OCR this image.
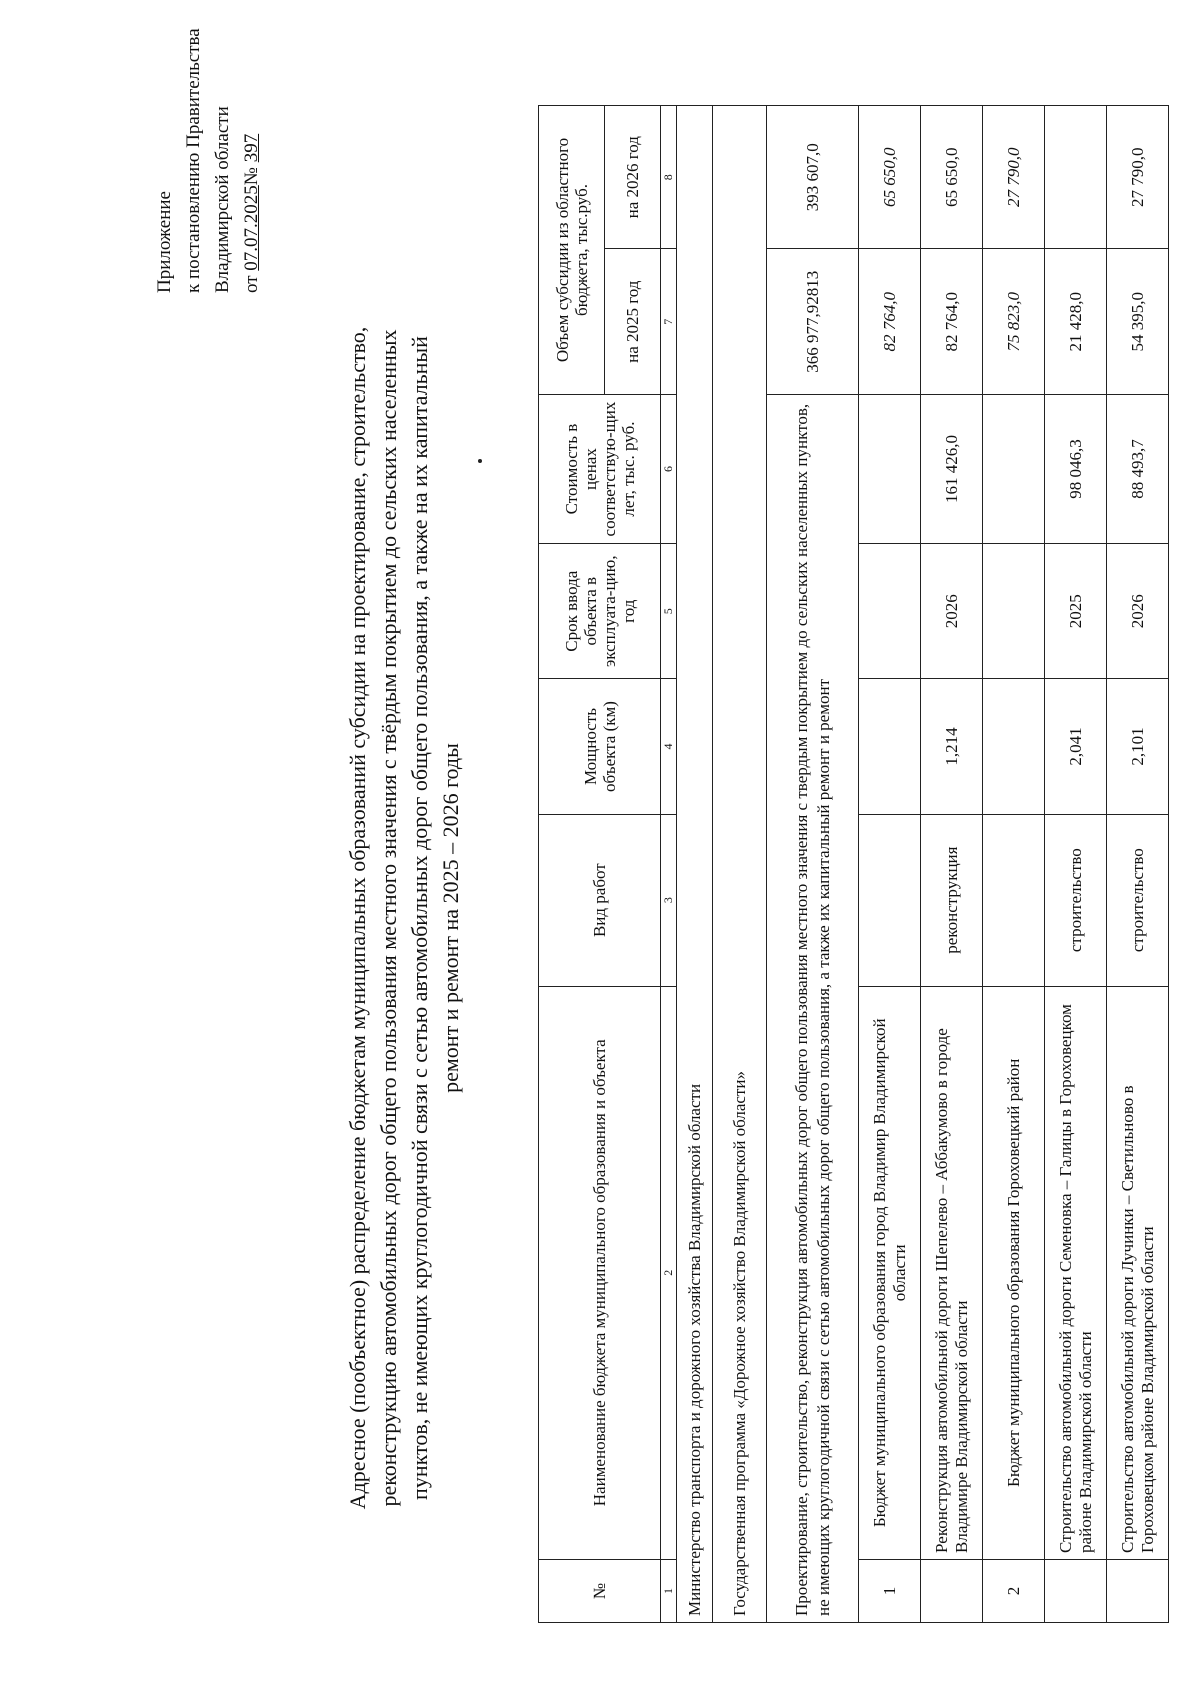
Приложение к постановлению Правительства Владимирской области от 07.07.2025№ 397
Адресное (пообъектное) распределение бюджетам муниципальных образований субсидии на проектирование, строительство, реконструкцию автомобильных дорог общего пользования местного значения с твёрдым покрытием до сельских населенных пунктов, не имеющих круглогодичной связи с сетью автомобильных дорог общего пользования, а также на их капитальный ремонт и ремонт на 2025 – 2026 годы
№	Наименование бюджета муниципального образования и объекта	Вид работ	Мощность объекта (км)	Срок ввода объекта в эксплуата-цию, год	Стоимость в ценах соответствую-щих лет, тыс. руб.	Объем субсидии из областного бюджета, тыс.руб.	
						на 2025 год	на 2026 год
1	2	3	4	5	6	7	8
Министерство транспорта и дорожного хозяйства Владимирской области							
Государственная программа «Дорожное хозяйство Владимирской области»							
Проектирование, строительство, реконструкция автомобильных дорог общего пользования местного значения с твердым покрытием до сельских населенных пунктов, не имеющих круглогодичной связи с сетью автомобильных дорог общего пользования, а также их капитальный ремонт и ремонт						366 977,92813	393 607,0
1	Бюджет муниципального образования город Владимир Владимирской области					82 764,0	65 650,0
	Реконструкция автомобильной дороги Шепелево – Аббакумово в городе Владимире Владимирской области	реконструкция	1,214	2026	161 426,0	82 764,0	65 650,0
2	Бюджет муниципального образования Гороховецкий район					75 823,0	27 790,0
	Строительство автомобильной дороги Семеновка – Галицы в Гороховецком районе Владимирской области	строительство	2,041	2025	98 046,3	21 428,0	
	Строительство автомобильной дороги Лучинки – Светильново в Гороховецком районе Владимирской области	строительство	2,101	2026	88 493,7	54 395,0	27 790,0
